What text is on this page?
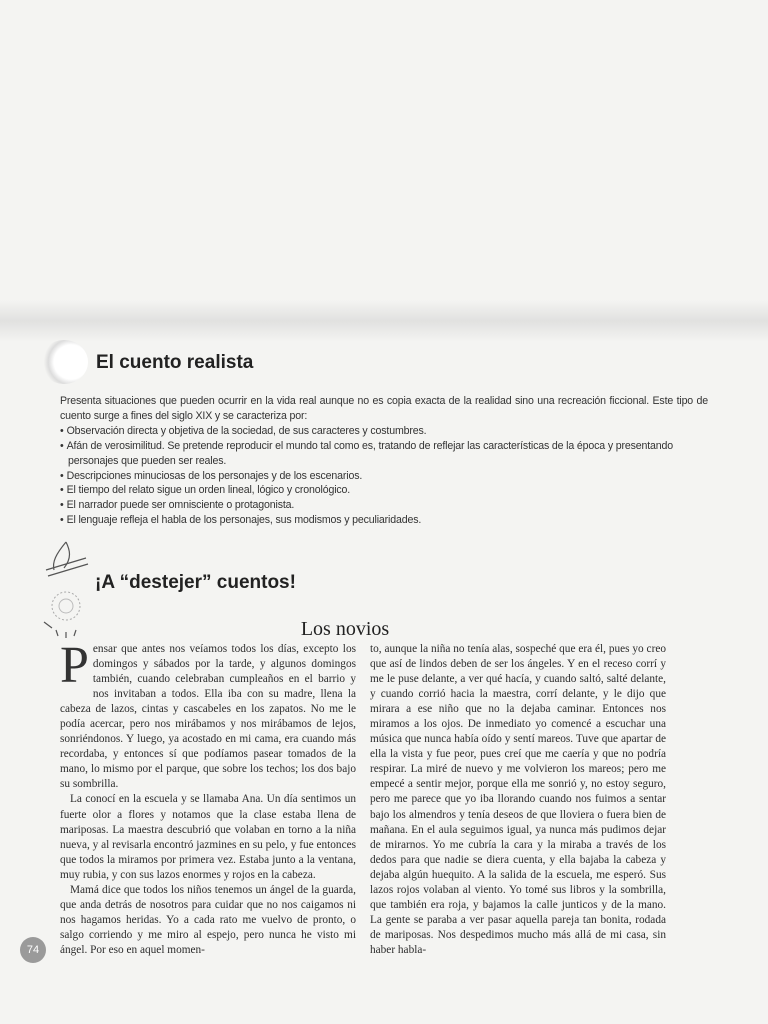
El cuento realista

Presenta situaciones que pueden ocurrir en la vida real aunque no es copia exacta de la realidad sino una recreación ficcional. Este tipo de cuento surge a fines del siglo XIX y se caracteriza por:

• Observación directa y objetiva de la sociedad, de sus caracteres y costumbres.
• Afán de verosimilitud. Se pretende reproducir el mundo tal como es, tratando de reflejar las características de la época y presentando personajes que pueden ser reales.
• Descripciones minuciosas de los personajes y de los escenarios.
• El tiempo del relato sigue un orden lineal, lógico y cronológico.
• El narrador puede ser omnisciente o protagonista.
• El lenguaje refleja el habla de los personajes, sus modismos y peculiaridades.
¡A “destejer” cuentos!
Los novios

Pensar que antes nos veíamos todos los días, excepto los domingos y sábados por la tarde, y algunos domingos también, cuando celebraban cumpleaños en el barrio y nos invitaban a todos. Ella iba con su madre, llena la cabeza de lazos, cintas y cascabeles en los zapatos. No me le podía acercar, pero nos mirábamos y nos mirábamos de lejos, sonriéndonos. Y luego, ya acostado en mi cama, era cuando más recordaba, y entonces sí que podíamos pasear tomados de la mano, lo mismo por el parque, que sobre los techos; los dos bajo su sombrilla.

La conocí en la escuela y se llamaba Ana. Un día sentimos un fuerte olor a flores y notamos que la clase estaba llena de mariposas. La maestra descubrió que volaban en torno a la niña nueva, y al revisarla encontró jazmines en su pelo, y fue entonces que todos la miramos por primera vez. Estaba junto a la ventana, muy rubia, y con sus lazos enormes y rojos en la cabeza.

Mamá dice que todos los niños tenemos un ángel de la guarda, que anda detrás de nosotros para cuidar que no nos caigamos ni nos hagamos heridas. Yo a cada rato me vuelvo de pronto, o salgo corriendo y me miro al espejo, pero nunca he visto mi ángel. Por eso en aquel momen-

to, aunque la niña no tenía alas, sospeché que era él, pues yo creo que así de lindos deben de ser los ángeles. Y en el receso corrí y me le puse delante, a ver qué hacía, y cuando saltó, salté delante, y cuando corrió hacia la maestra, corrí delante, y le dijo que mirara a ese niño que no la dejaba caminar. Entonces nos miramos a los ojos. De inmediato yo comencé a escuchar una música que nunca había oído y sentí mareos. Tuve que apartar de ella la vista y fue peor, pues creí que me caería y que no podría respirar. La miré de nuevo y me volvieron los mareos; pero me empecé a sentir mejor, porque ella me sonrió y, no estoy seguro, pero me parece que yo iba llorando cuando nos fuimos a sentar bajo los almendros y tenía deseos de que lloviera o fuera bien de mañana. En el aula seguimos igual, ya nunca más pudimos dejar de mirarnos. Yo me cubría la cara y la miraba a través de los dedos para que nadie se diera cuenta, y ella bajaba la cabeza y dejaba algún huequito. A la salida de la escuela, me esperó. Sus lazos rojos volaban al viento. Yo tomé sus libros y la sombrilla, que también era roja, y bajamos la calle junticos y de la mano. La gente se paraba a ver pasar aquella pareja tan bonita, rodada de mariposas. Nos despedimos mucho más allá de mi casa, sin haber habla-

74
